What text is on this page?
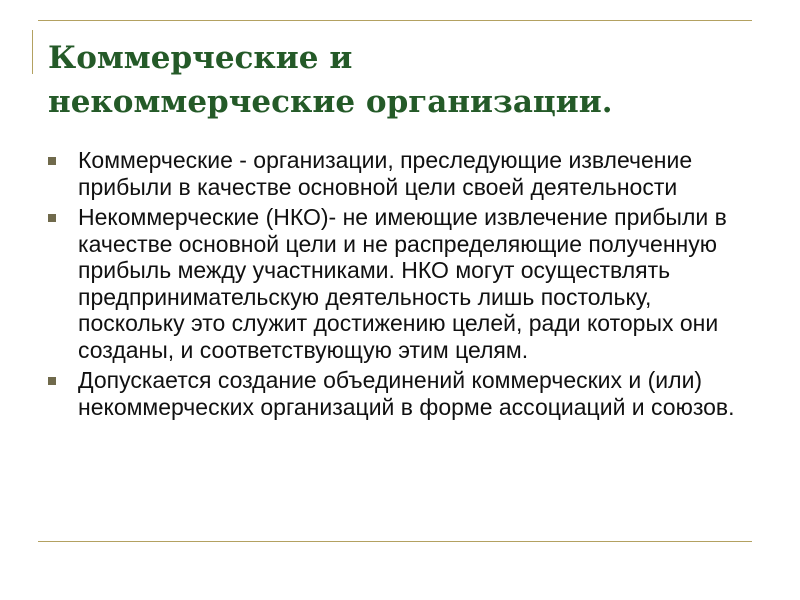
Коммерческие и
некоммерческие организации.
Коммерческие - организации, преследующие извлечение прибыли в качестве основной цели своей деятельности
Некоммерческие (НКО)- не имеющие извлечение прибыли в качестве основной цели и не распределяющие полученную прибыль между участниками. НКО могут осуществлять предпринимательскую деятельность лишь постольку, поскольку это служит достижению целей, ради которых они созданы, и соответствующую этим целям.
Допускается создание объединений коммерческих и (или) некоммерческих организаций в форме ассоциаций и союзов.
